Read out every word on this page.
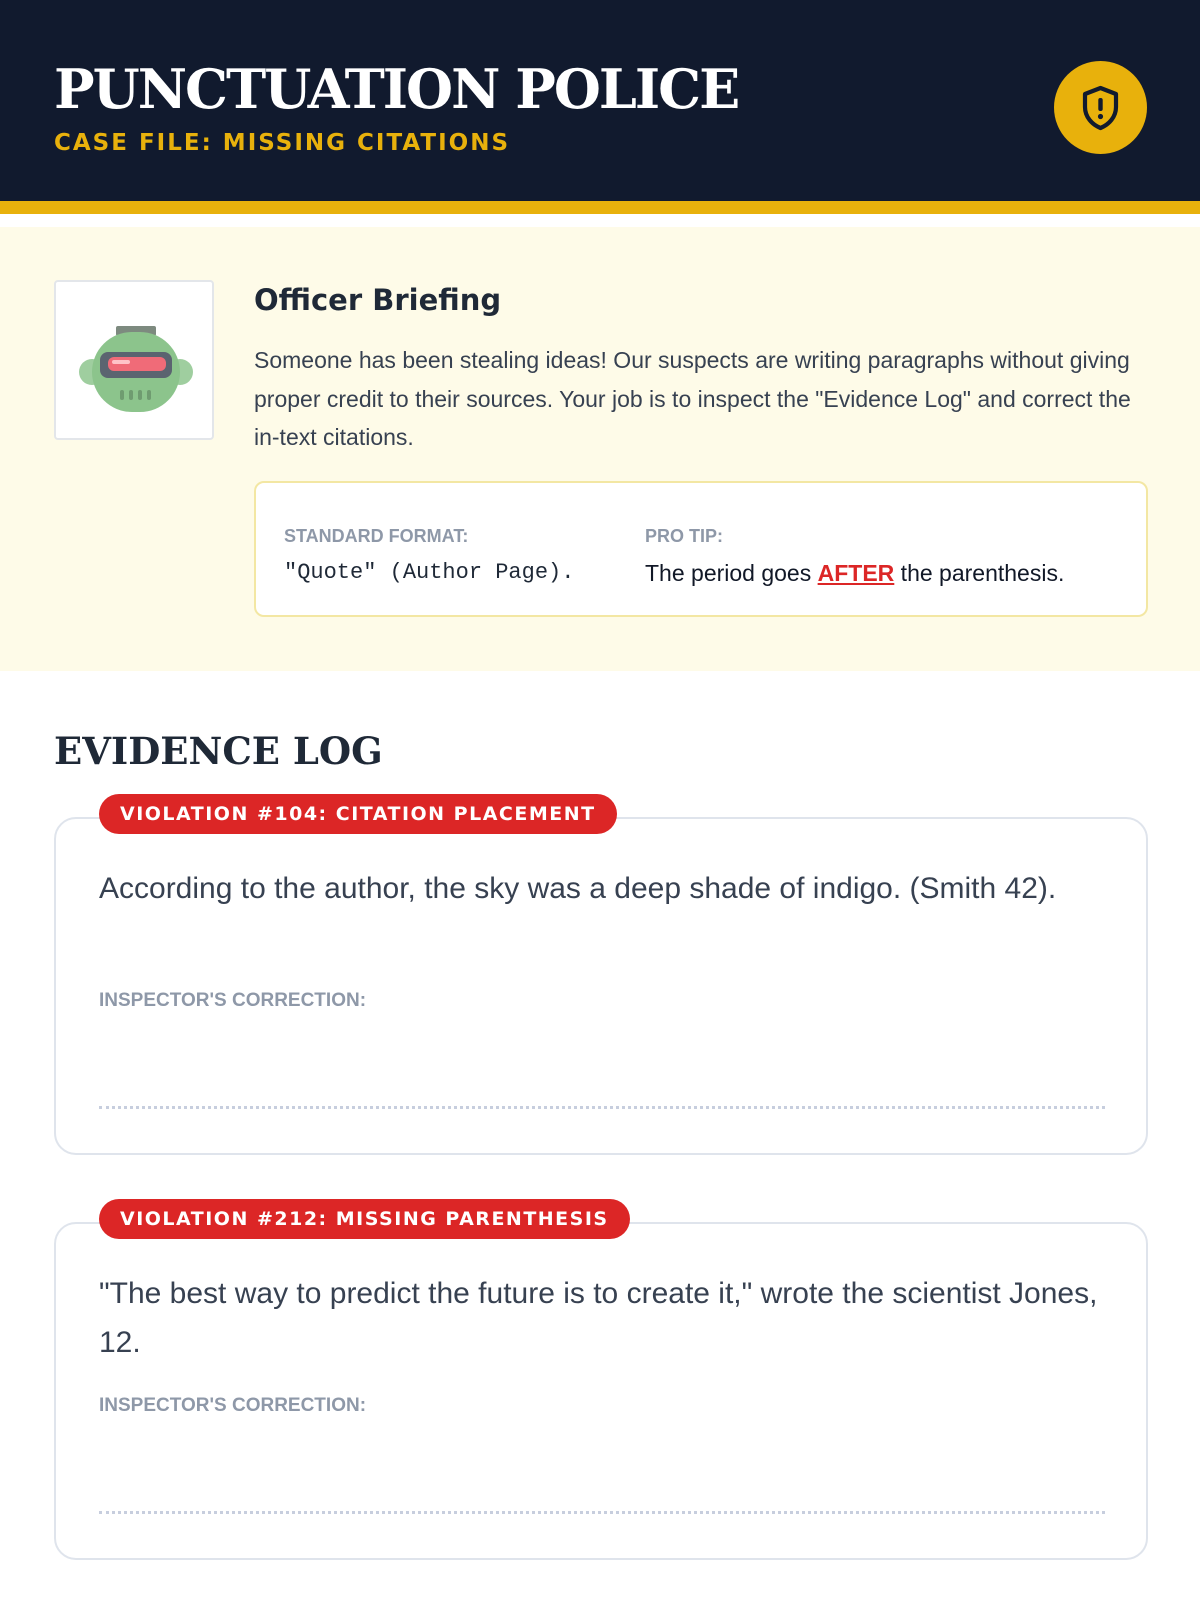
PUNCTUATION POLICE
CASE FILE: MISSING CITATIONS
Officer Briefing
Someone has been stealing ideas! Our suspects are writing paragraphs without giving proper credit to their sources. Your job is to inspect the "Evidence Log" and correct the in-text citations.
STANDARD FORMAT:
"Quote" (Author Page).
PRO TIP:
The period goes AFTER the parenthesis.
EVIDENCE LOG
VIOLATION #104: CITATION PLACEMENT
According to the author, the sky was a deep shade of indigo. (Smith 42).
INSPECTOR'S CORRECTION:
VIOLATION #212: MISSING PARENTHESIS
"The best way to predict the future is to create it," wrote the scientist Jones, 12.
INSPECTOR'S CORRECTION:
